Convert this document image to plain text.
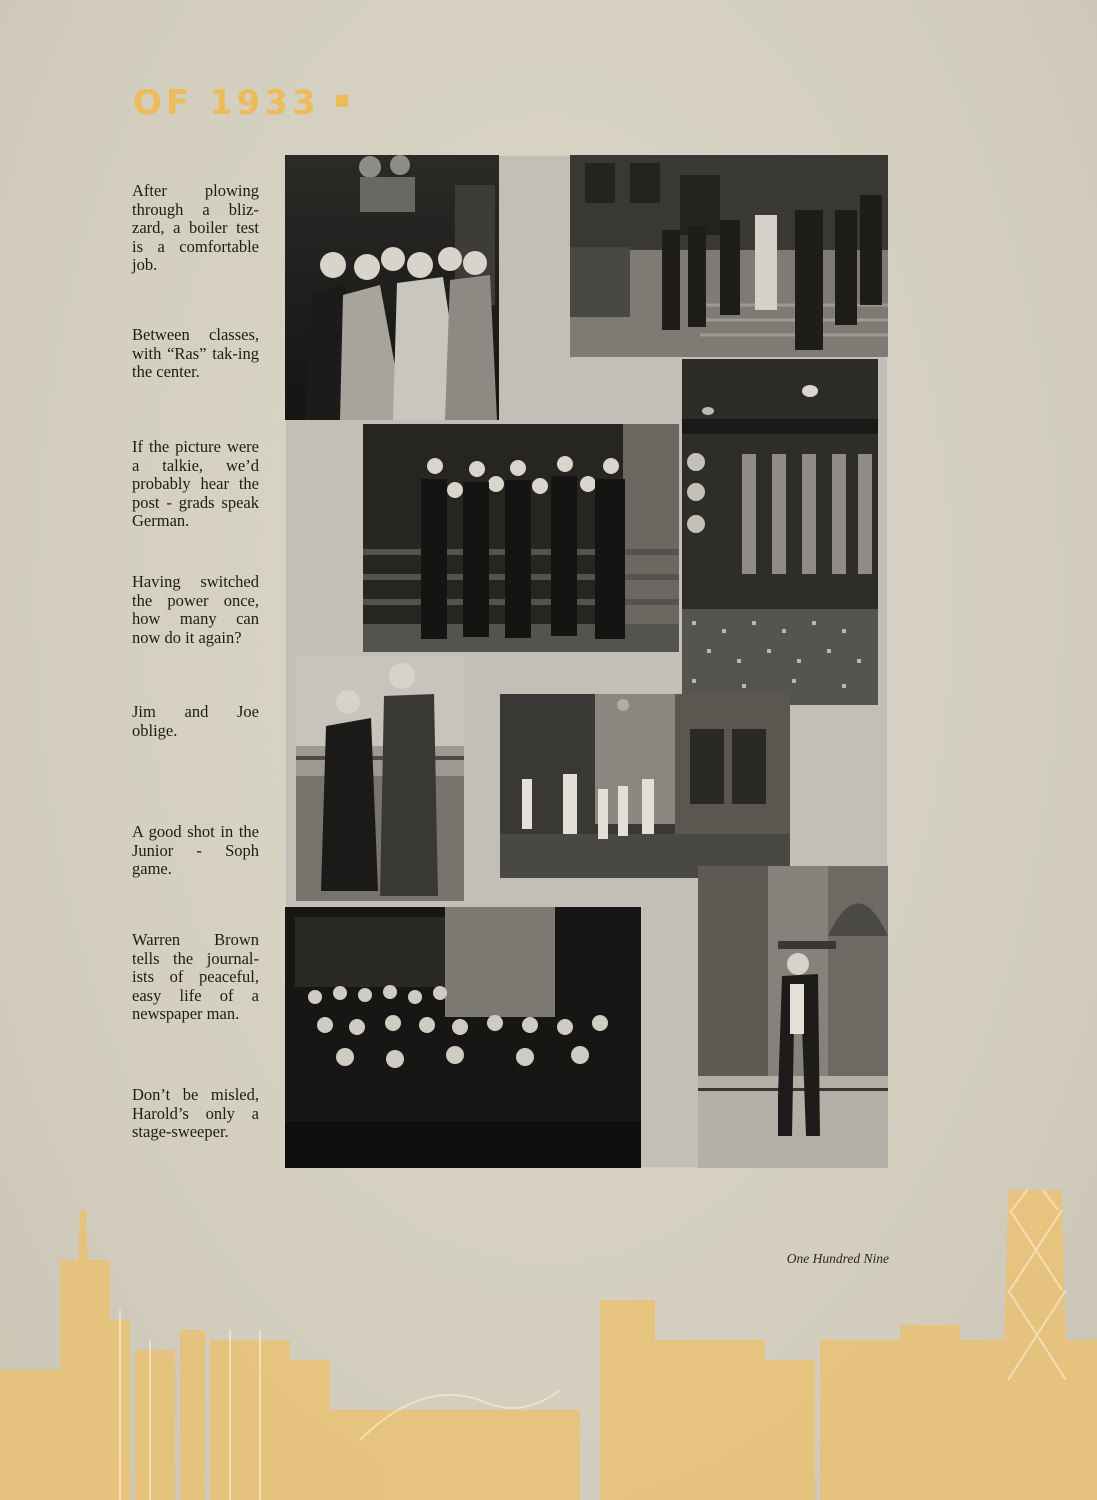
OF 1933

After plowing through a bliz-zard, a boiler test is a comfortable job.

Between classes, with “Ras” tak-ing the center.

If the picture were a talkie, we’d probably hear the post - grads speak German.

Having switched the power once, how many can now do it again?

Jim and Joe oblige.

A good shot in the Junior - Soph game.

Warren Brown tells the journal-ists of peaceful, easy life of a newspaper man.

Don’t be misled, Harold’s only a stage-sweeper.

One Hundred Nine
